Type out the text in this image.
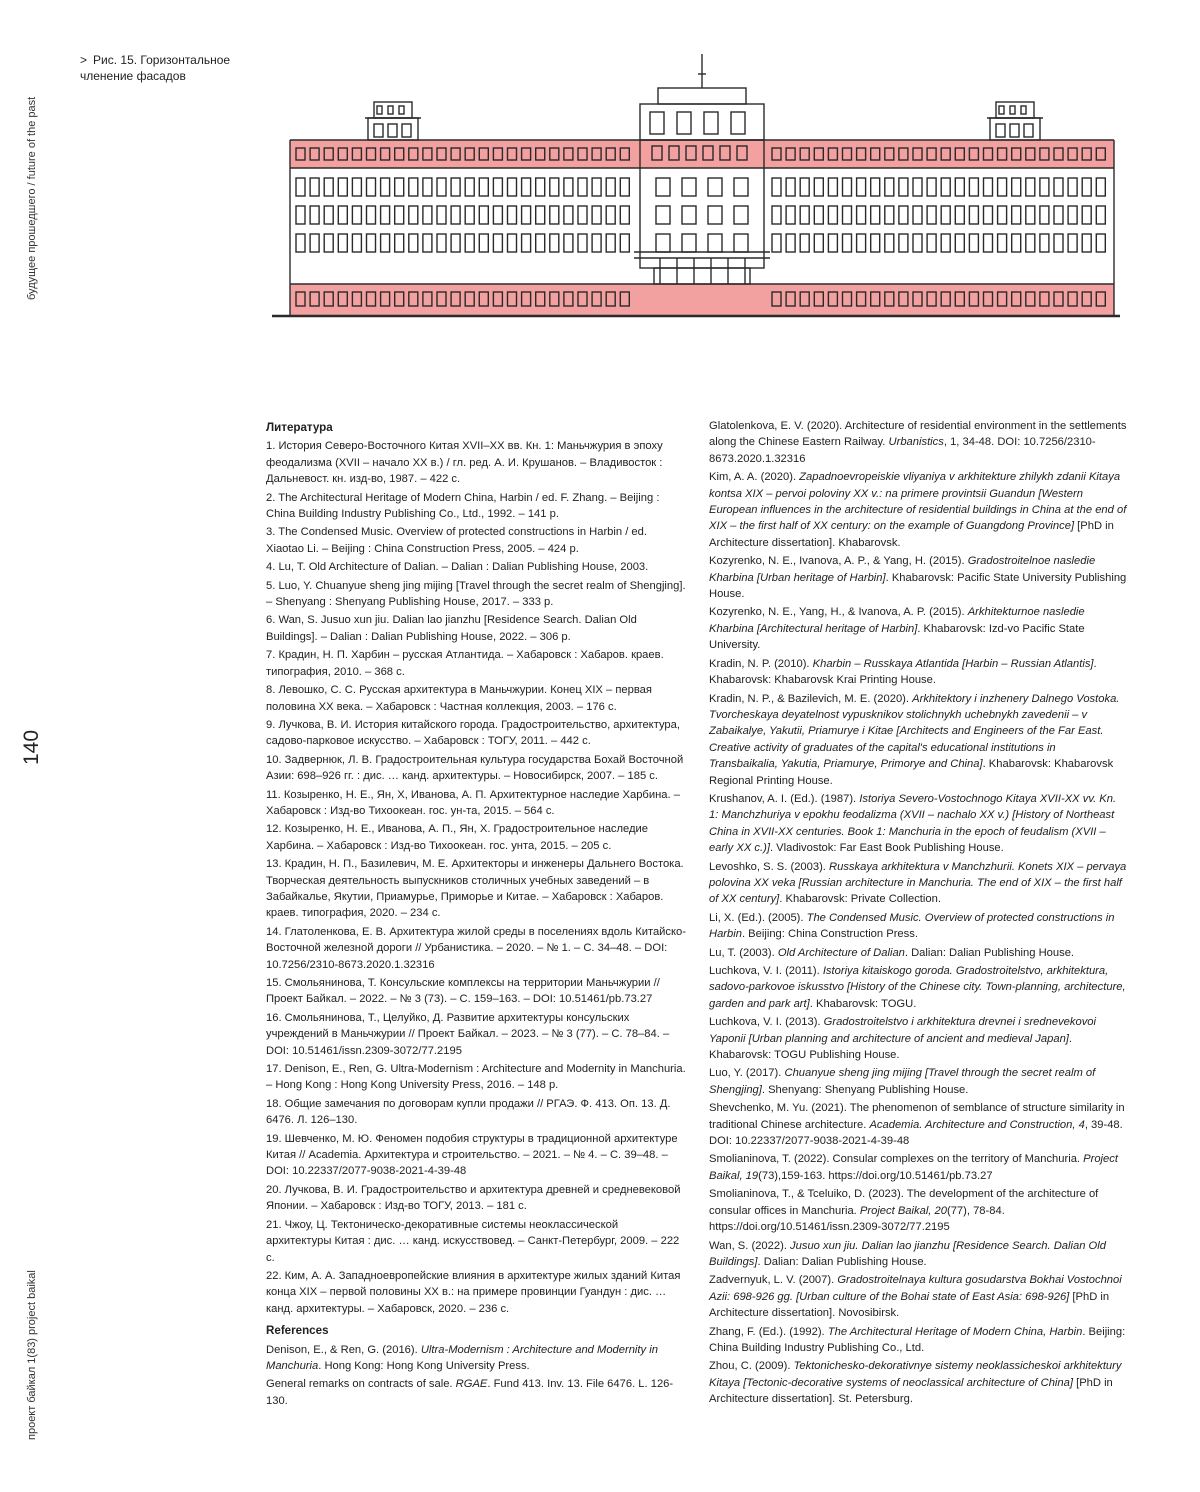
будущее прошедшего / future of the past
140
проект байкал 1(83) project baikal
> Рис. 15. Горизонтальное членение фасадов
Литература
1. История Северо-Восточного Китая XVII–XX вв. Кн. 1: Маньчжурия в эпоху феодализма (XVII – начало XX в.) / гл. ред. А. И. Крушанов. – Владивосток : Дальневост. кн. изд-во, 1987. – 422 с.
2. The Architectural Heritage of Modern China, Harbin / ed. F. Zhang. – Beijing : China Building Industry Publishing Co., Ltd., 1992. – 141 p.
3. The Condensed Music. Overview of protected constructions in Harbin / ed. Xiaotao Li. – Beijing : China Construction Press, 2005. – 424 p.
4. Lu, T. Old Architecture of Dalian. – Dalian : Dalian Publishing House, 2003.
5. Luo, Y. Chuanyue sheng jing mijing [Travel through the secret realm of Shengjing]. – Shenyang : Shenyang Publishing House, 2017. – 333 p.
6. Wan, S. Jusuo xun jiu. Dalian lao jianzhu [Residence Search. Dalian Old Buildings]. – Dalian : Dalian Publishing House, 2022. – 306 p.
7. Крадин, Н. П. Харбин – русская Атлантида. – Хабаровск : Хабаров. краев. типография, 2010. – 368 с.
8. Левошко, С. С. Русская архитектура в Маньчжурии. Конец XIX – первая половина XX века. – Хабаровск : Частная коллекция, 2003. – 176 с.
9. Лучкова, В. И. История китайского города. Градостроительство, архитектура, садово-парковое искусство. – Хабаровск : ТОГУ, 2011. – 442 с.
10. Задвернюк, Л. В. Градостроительная культура государства Бохай Восточной Азии: 698–926 гг. : дис. … канд. архитектуры. – Новосибирск, 2007. – 185 с.
11. Козыренко, Н. Е., Ян, Х, Иванова, А. П. Архитектурное наследие Харбина. – Хабаровск : Изд-во Тихоокеан. гос. ун-та, 2015. – 564 с.
12. Козыренко, Н. Е., Иванова, А. П., Ян, Х. Градостроительное наследие Харбина. – Хабаровск : Изд-во Тихоокеан. гос. унта, 2015. – 205 с.
13. Крадин, Н. П., Базилевич, М. Е. Архитекторы и инженеры Дальнего Востока. Творческая деятельность выпускников столичных учебных заведений – в Забайкалье, Якутии, Приамурье, Приморье и Китае. – Хабаровск : Хабаров. краев. типография, 2020. – 234 с.
14. Глатоленкова, Е. В. Архитектура жилой среды в поселениях вдоль Китайско-Восточной железной дороги // Урбанистика. – 2020. – № 1. – С. 34–48. – DOI: 10.7256/2310-8673.2020.1.32316
15. Смольянинова, Т. Консульские комплексы на территории Маньчжурии // Проект Байкал. – 2022. – № 3 (73). – С. 159–163. – DOI: 10.51461/pb.73.27
16. Смольянинова, Т., Целуйко, Д. Развитие архитектуры консульских учреждений в Маньчжурии // Проект Байкал. – 2023. – № 3 (77). – С. 78–84. – DOI: 10.51461/issn.2309-3072/77.2195
17. Denison, E., Ren, G. Ultra-Modernism : Architecture and Modernity in Manchuria. – Hong Kong : Hong Kong University Press, 2016. – 148 p.
18. Общие замечания по договорам купли продажи // РГАЭ. Ф. 413. Оп. 13. Д. 6476. Л. 126–130.
19. Шевченко, М. Ю. Феномен подобия структуры в традиционной архитектуре Китая // Academia. Архитектура и строительство. – 2021. – № 4. – С. 39–48. – DOI: 10.22337/2077-9038-2021-4-39-48
20. Лучкова, В. И. Градостроительство и архитектура древней и средневековой Японии. – Хабаровск : Изд-во ТОГУ, 2013. – 181 с.
21. Чжоу, Ц. Тектоническо-декоративные системы неоклассической архитектуры Китая : дис. … канд. искусствовед. – Санкт-Петербург, 2009. – 222 с.
22. Ким, А. А. Западноевропейские влияния в архитектуре жилых зданий Китая конца XIX – первой половины XX в.: на примере провинции Гуандун : дис. … канд. архитектуры. – Хабаровск, 2020. – 236 с.
References
Denison, E., & Ren, G. (2016). Ultra-Modernism : Architecture and Modernity in Manchuria. Hong Kong: Hong Kong University Press.
General remarks on contracts of sale. RGAE. Fund 413. Inv. 13. File 6476. L. 126-130.
Glatolenkova, E. V. (2020). Architecture of residential environment in the settlements along the Chinese Eastern Railway. Urbanistics, 1, 34-48. DOI: 10.7256/2310-8673.2020.1.32316
Kim, A. A. (2020). Zapadnoevropeiskie vliyaniya v arkhitekture zhilykh zdanii Kitaya kontsa XIX – pervoi poloviny XX v.: na primere provintsii Guandun [Western European influences in the architecture of residential buildings in China at the end of XIX – the first half of XX century: on the example of Guangdong Province] [PhD in Architecture dissertation]. Khabarovsk.
Kozyrenko, N. E., Ivanova, A. P., & Yang, H. (2015). Gradostroitelnoe nasledie Kharbina [Urban heritage of Harbin]. Khabarovsk: Pacific State University Publishing House.
Kozyrenko, N. E., Yang, H., & Ivanova, A. P. (2015). Arkhitekturnoe nasledie Kharbina [Architectural heritage of Harbin]. Khabarovsk: Izd-vo Pacific State University.
Kradin, N. P. (2010). Kharbin – Russkaya Atlantida [Harbin – Russian Atlantis]. Khabarovsk: Khabarovsk Krai Printing House.
Kradin, N. P., & Bazilevich, M. E. (2020). Arkhitektory i inzhenery Dalnego Vostoka. Tvorcheskaya deyatelnost vypusknikov stolichnykh uchebnykh zavedenii – v Zabaikalye, Yakutii, Priamurye i Kitae [Architects and Engineers of the Far East. Creative activity of graduates of the capital's educational institutions in Transbaikalia, Yakutia, Priamurye, Primorye and China]. Khabarovsk: Khabarovsk Regional Printing House.
Krushanov, A. I. (Ed.). (1987). Istoriya Severo-Vostochnogo Kitaya XVII-XX vv. Kn. 1: Manchzhuriya v epokhu feodalizma (XVII – nachalo XX v.) [History of Northeast China in XVII-XX centuries. Book 1: Manchuria in the epoch of feudalism (XVII – early XX c.)]. Vladivostok: Far East Book Publishing House.
Levoshko, S. S. (2003). Russkaya arkhitektura v Manchzhurii. Konets XIX – pervaya polovina XX veka [Russian architecture in Manchuria. The end of XIX – the first half of XX century]. Khabarovsk: Private Collection.
Li, X. (Ed.). (2005). The Condensed Music. Overview of protected constructions in Harbin. Beijing: China Construction Press.
Lu, T. (2003). Old Architecture of Dalian. Dalian: Dalian Publishing House.
Luchkova, V. I. (2011). Istoriya kitaiskogo goroda. Gradostroitelstvo, arkhitektura, sadovo-parkovoe iskusstvo [History of the Chinese city. Town-planning, architecture, garden and park art]. Khabarovsk: TOGU.
Luchkova, V. I. (2013). Gradostroitelstvo i arkhitektura drevnei i srednevekovoi Yaponii [Urban planning and architecture of ancient and medieval Japan]. Khabarovsk: TOGU Publishing House.
Luo, Y. (2017). Chuanyue sheng jing mijing [Travel through the secret realm of Shengjing]. Shenyang: Shenyang Publishing House.
Shevchenko, M. Yu. (2021). The phenomenon of semblance of structure similarity in traditional Chinese architecture. Academia. Architecture and Construction, 4, 39-48. DOI: 10.22337/2077-9038-2021-4-39-48
Smolianinova, T. (2022). Consular complexes on the territory of Manchuria. Project Baikal, 19(73),159-163. https://doi.org/10.51461/pb.73.27
Smolianinova, T., & Tceluiko, D. (2023). The development of the architecture of consular offices in Manchuria. Project Baikal, 20(77), 78-84. https://doi.org/10.51461/issn.2309-3072/77.2195
Wan, S. (2022). Jusuo xun jiu. Dalian lao jianzhu [Residence Search. Dalian Old Buildings]. Dalian: Dalian Publishing House.
Zadvernyuk, L. V. (2007). Gradostroitelnaya kultura gosudarstva Bokhai Vostochnoi Azii: 698-926 gg. [Urban culture of the Bohai state of East Asia: 698-926] [PhD in Architecture dissertation]. Novosibirsk.
Zhang, F. (Ed.). (1992). The Architectural Heritage of Modern China, Harbin. Beijing: China Building Industry Publishing Co., Ltd.
Zhou, C. (2009). Tektonichesko-dekorativnye sistemy neoklassicheskoi arkhitektury Kitaya [Tectonic-decorative systems of neoclassical architecture of China] [PhD in Architecture dissertation]. St. Petersburg.
